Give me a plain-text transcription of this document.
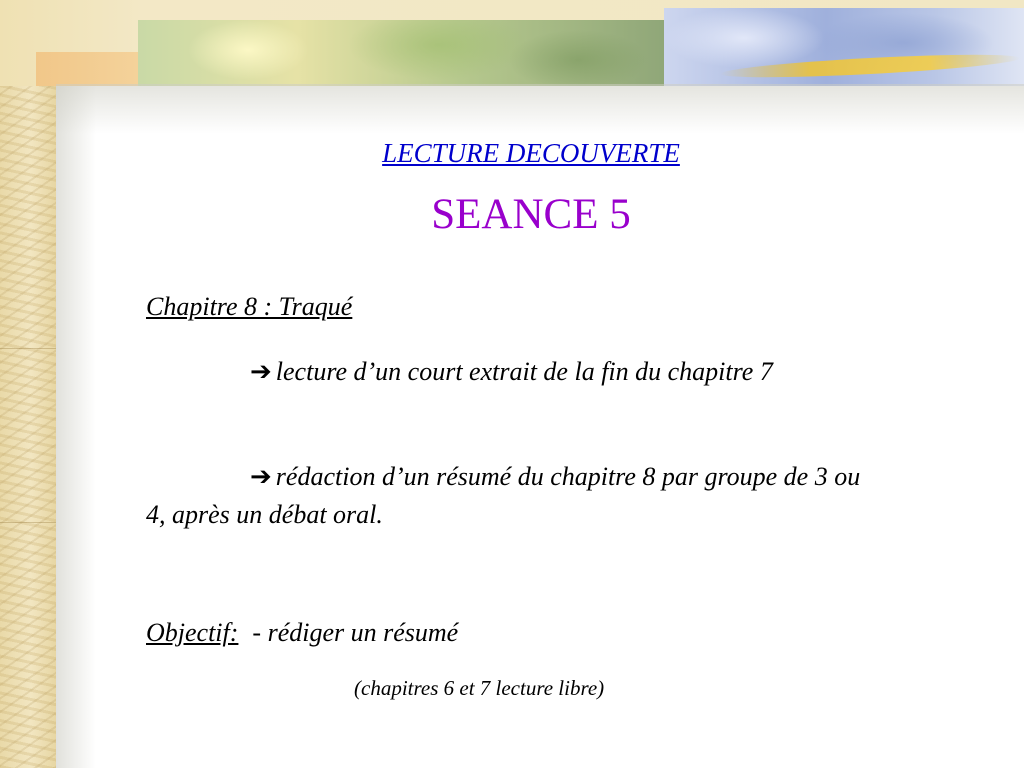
LECTURE DECOUVERTE
SEANCE 5
Chapitre 8 : Traqué
➔ lecture d’un court extrait de la fin du chapitre 7
➔ rédaction d’un résumé du chapitre 8 par groupe de 3 ou 4, après un débat oral.
Objectif: - rédiger un résumé
(chapitres 6 et 7 lecture libre)
